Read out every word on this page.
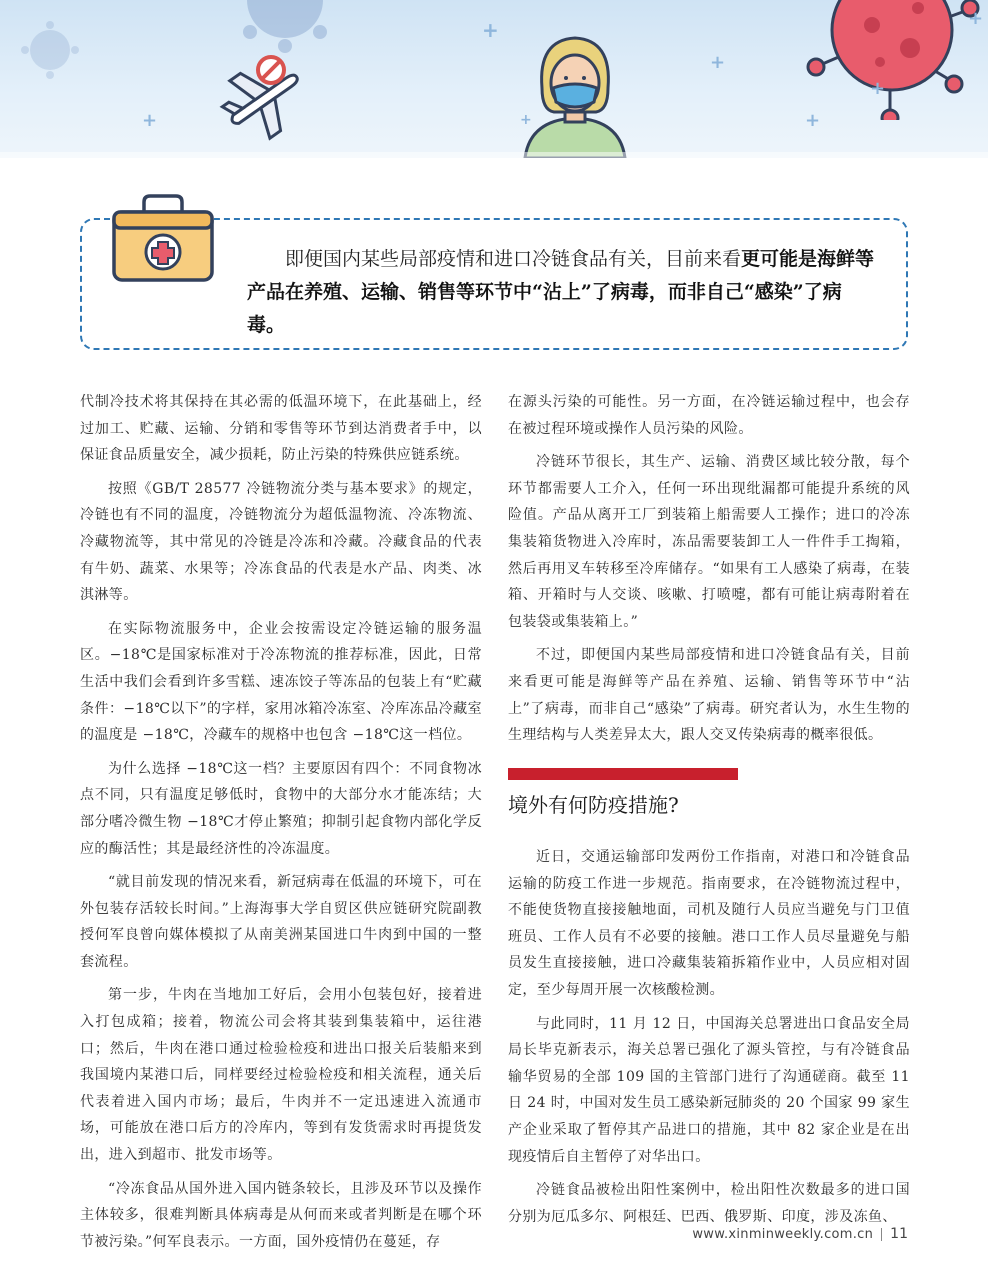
+
+
+
+
+
+
+

即便国内某些局部疫情和进口冷链食品有关，目前来看更可能是海鲜等产品在养殖、运输、销售等环节中“沾上”了病毒，而非自己“感染”了病毒。

代制冷技术将其保持在其必需的低温环境下，在此基础上，经过加工、贮藏、运输、分销和零售等环节到达消费者手中，以保证食品质量安全，减少损耗，防止污染的特殊供应链系统。

按照《GB/T 28577 冷链物流分类与基本要求》的规定，冷链也有不同的温度，冷链物流分为超低温物流、冷冻物流、冷藏物流等，其中常见的冷链是冷冻和冷藏。冷藏食品的代表有牛奶、蔬菜、水果等；冷冻食品的代表是水产品、肉类、冰淇淋等。

在实际物流服务中，企业会按需设定冷链运输的服务温区。−18℃是国家标准对于冷冻物流的推荐标准，因此，日常生活中我们会看到许多雪糕、速冻饺子等冻品的包装上有“贮藏条件：−18℃以下”的字样，家用冰箱冷冻室、冷库冻品冷藏室的温度是 −18℃，冷藏车的规格中也包含 −18℃这一档位。

为什么选择 −18℃这一档？主要原因有四个：不同食物冰点不同，只有温度足够低时，食物中的大部分水才能冻结；大部分嗜冷微生物 −18℃才停止繁殖；抑制引起食物内部化学反应的酶活性；其是最经济性的冷冻温度。

“就目前发现的情况来看，新冠病毒在低温的环境下，可在外包装存活较长时间。”上海海事大学自贸区供应链研究院副教授何军良曾向媒体模拟了从南美洲某国进口牛肉到中国的一整套流程。

第一步，牛肉在当地加工好后，会用小包装包好，接着进入打包成箱；接着，物流公司会将其装到集装箱中，运往港口；然后，牛肉在港口通过检验检疫和进出口报关后装船来到我国境内某港口后，同样要经过检验检疫和相关流程，通关后代表着进入国内市场；最后，牛肉并不一定迅速进入流通市场，可能放在港口后方的冷库内，等到有发货需求时再提货发出，进入到超市、批发市场等。

“冷冻食品从国外进入国内链条较长，且涉及环节以及操作主体较多，很难判断具体病毒是从何而来或者判断是在哪个环节被污染。”何军良表示。一方面，国外疫情仍在蔓延，存

在源头污染的可能性。另一方面，在冷链运输过程中，也会存在被过程环境或操作人员污染的风险。

冷链环节很长，其生产、运输、消费区域比较分散，每个环节都需要人工介入，任何一环出现纰漏都可能提升系统的风险值。产品从离开工厂到装箱上船需要人工操作；进口的冷冻集装箱货物进入冷库时，冻品需要装卸工人一件件手工掏箱，然后再用叉车转移至冷库储存。“如果有工人感染了病毒，在装箱、开箱时与人交谈、咳嗽、打喷嚏，都有可能让病毒附着在包装袋或集装箱上。”

不过，即便国内某些局部疫情和进口冷链食品有关，目前来看更可能是海鲜等产品在养殖、运输、销售等环节中“沾上”了病毒，而非自己“感染”了病毒。研究者认为，水生生物的生理结构与人类差异太大，跟人交叉传染病毒的概率很低。

境外有何防疫措施?

近日，交通运输部印发两份工作指南，对港口和冷链食品运输的防疫工作进一步规范。指南要求，在冷链物流过程中，不能使货物直接接触地面，司机及随行人员应当避免与门卫值班员、工作人员有不必要的接触。港口工作人员尽量避免与船员发生直接接触，进口冷藏集装箱拆箱作业中，人员应相对固定，至少每周开展一次核酸检测。

与此同时，11 月 12 日，中国海关总署进出口食品安全局局长毕克新表示，海关总署已强化了源头管控，与有冷链食品输华贸易的全部 109 国的主管部门进行了沟通磋商。截至 11 日 24 时，中国对发生员工感染新冠肺炎的 20 个国家 99 家生产企业采取了暂停其产品进口的措施，其中 82 家企业是在出现疫情后自主暂停了对华出口。

冷链食品被检出阳性案例中，检出阳性次数最多的进口国分别为厄瓜多尔、阿根廷、巴西、俄罗斯、印度，涉及冻鱼、

www.xinminweekly.com.cn 11
